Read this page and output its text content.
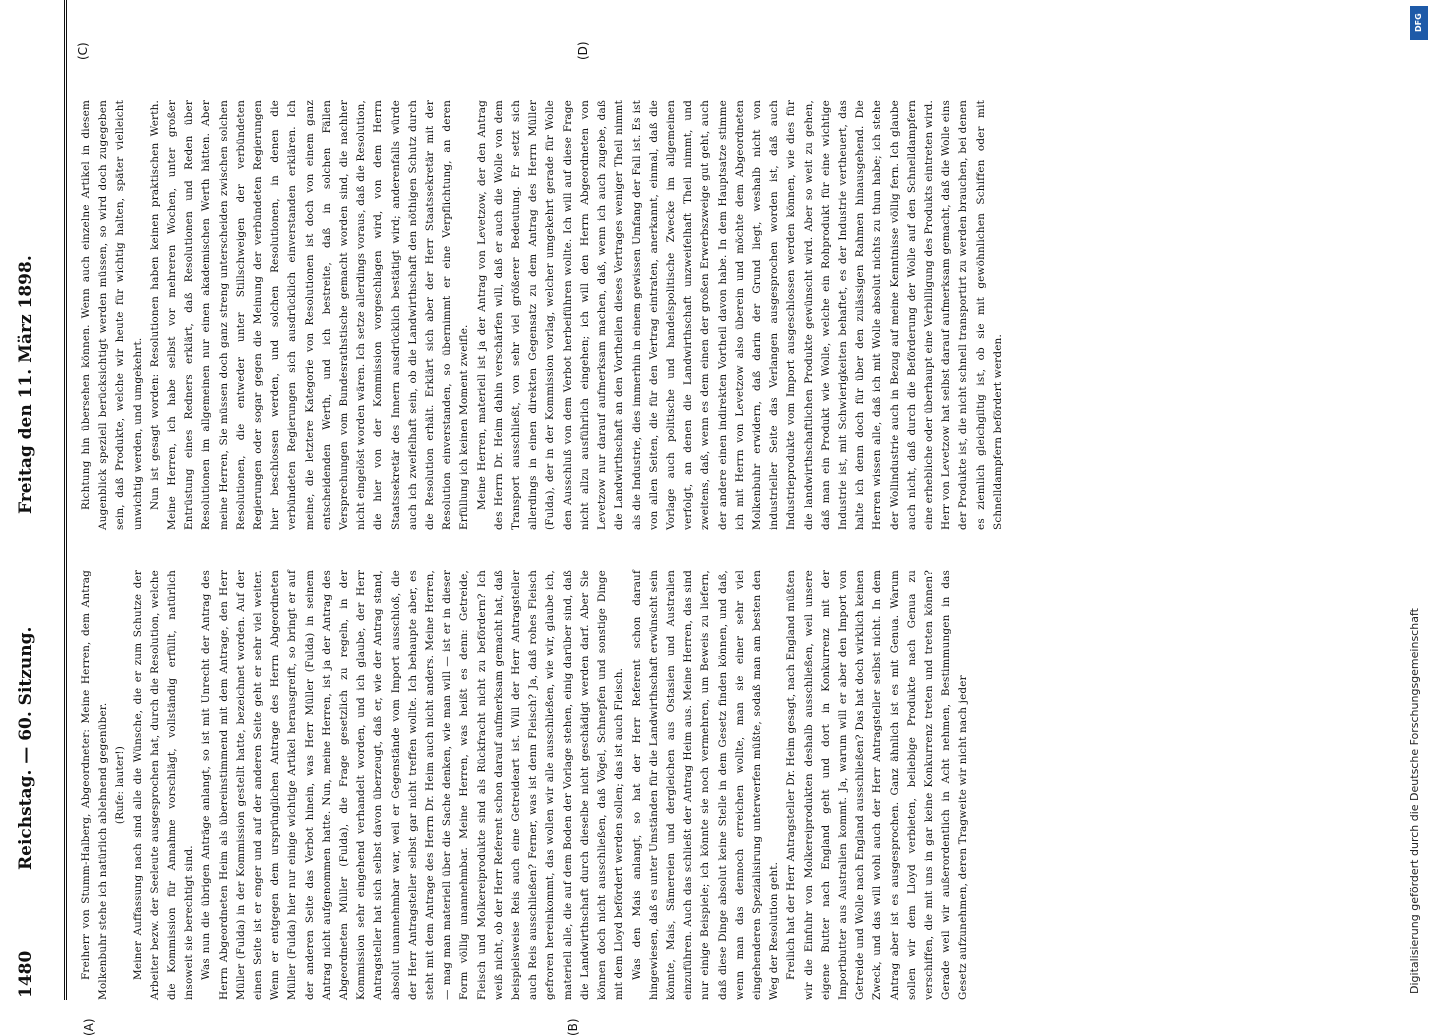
1480
Reichstag. — 60. Sitzung.
Freitag den 11. März 1898.
(A)	(B)
(C)	(D)

Freiherr von Stumm-Halberg, Abgeordneter: Meine Herren, dem Antrag Molkenbuhr stehe ich natürlich ablehnend gegenüber. (Rufe: lauter!) Meiner Auffassung nach sind alle die Wünsche, die er zum Schutze der Arbeiter bezw. der Seeleute ausgesprochen hat, durch die Resolution, welche die Kommission für Annahme vorschlägt, vollständig erfüllt, natürlich insoweit sie berechtigt sind. Was nun die übrigen Anträge anlangt, so ist mit Unrecht der Antrag des Herrn Abgeordneten Heim als übereinstimmend mit dem Antrage, den Herr Müller (Fulda) in der Kommission gestellt hatte, bezeichnet worden. Auf der einen Seite ist er enger und auf der anderen Seite geht er sehr viel weiter. Wenn er entgegen dem ursprünglichen Antrage des Herrn Abgeordneten Müller (Fulda) hier nur einige wichtige Artikel herausgreift, so bringt er auf der anderen Seite das Verbot hinein, was Herr Müller (Fulda) in seinem Antrag nicht aufgenommen hatte. Nun, meine Herren, ist ja der Antrag des Abgeordneten Müller (Fulda), die Frage gesetzlich zu regeln, in der Kommission sehr eingehend verhandelt worden, und ich glaube, der Herr Antragsteller hat sich selbst davon überzeugt, daß er, wie der Antrag stand, absolut unannehmbar war, weil er Gegenstände vom Import ausschloß, die der Herr Antragsteller selbst gar nicht treffen wollte. Ich behaupte aber, es steht mit dem Antrage des Herrn Dr. Heim auch nicht anders. Meine Herren, — mag man materiell über die Sache denken, wie man will — ist er in dieser Form völlig unannehmbar. Meine Herren, was heißt es denn: Getreide, Fleisch und Molkereiprodukte sind als Rückfracht nicht zu befördern? Ich weiß nicht, ob der Herr Referent schon darauf aufmerksam gemacht hat, daß beispielsweise Reis auch eine Getreideart ist. Will der Herr Antragsteller auch Reis ausschließen? Ferner, was ist denn Fleisch? Ja, daß rohes Fleisch gefroren hereinkommt, das wollen wir alle ausschließen, wie wir, glaube ich, materiell alle, die auf dem Boden der Vorlage stehen, einig darüber sind, daß die Landwirthschaft durch dieselbe nicht geschädigt werden darf. Aber Sie können doch nicht ausschließen, daß Vögel, Schnepfen und sonstige Dinge mit dem Lloyd befördert werden sollen; das ist auch Fleisch. Was den Mais anlangt, so hat der Herr Referent schon darauf hingewiesen, daß es unter Umständen für die Landwirthschaft erwünscht sein könnte, Mais, Sämereien und dergleichen aus Ostasien und Australien einzuführen. Auch das schließt der Antrag Heim aus. Meine Herren, das sind nur einige Beispiele; ich könnte sie noch vermehren, um Beweis zu liefern, daß diese Dinge absolut keine Stelle in dem Gesetz finden können, und daß, wenn man das dennoch erreichen wollte, man sie einer sehr viel eingehenderen Spezialisirung unterwerfen müßte, sodaß man am besten den Weg der Resolution geht. Freilich hat der Herr Antragsteller Dr. Heim gesagt, nach England müßten wir die Einfuhr von Molkereiprodukten deshalb ausschließen, weil unsere eigene Butter nach England geht und dort in Konkurrenz mit der Importbutter aus Australien kommt. Ja, warum will er aber den Import von Getreide und Wolle nach England ausschließen? Das hat doch wirklich keinen Zweck, und das will wohl auch der Herr Antragsteller selbst nicht. In dem Antrag aber ist es ausgesprochen. Ganz ähnlich ist es mit Genua. Warum sollen wir dem Lloyd verbieten, beliebige Produkte nach Genua zu verschiffen, die mit uns in gar keine Konkurrenz treten und treten können? Gerade weil wir außerordentlich in Acht nehmen, Bestimmungen in das Gesetz aufzunehmen, deren Tragweite wir nicht nach jeder

Richtung hin übersehen können. Wenn auch einzelne Artikel in diesem Augenblick speziell berücksichtigt werden müssen, so wird doch zugegeben sein, daß Produkte, welche wir heute für wichtig halten, später vielleicht unwichtig werden, und umgekehrt. Nun ist gesagt worden: Resolutionen haben keinen praktischen Werth. Meine Herren, ich habe selbst vor mehreren Wochen, unter großer Entrüstung eines Redners erklärt, daß Resolutionen und Reden über Resolutionen im allgemeinen nur einen akademischen Werth hätten. Aber meine Herren, Sie müssen doch ganz streng unterscheiden zwischen solchen Resolutionen, die entweder unter Stillschweigen der verbündeten Regierungen oder sogar gegen die Meinung der verbündeten Regierungen hier beschlossen werden, und solchen Resolutionen, in denen die verbündeten Regierungen sich ausdrücklich einverstanden erklären. Ich meine, die letztere Kategorie von Resolutionen ist doch von einem ganz entscheidenden Werth, und ich bestreite, daß in solchen Fällen Versprechungen vom Bundesrathstische gemacht worden sind, die nachher nicht eingelöst worden wären. Ich setze allerdings voraus, daß die Resolution, die hier von der Kommission vorgeschlagen wird, von dem Herrn Staatssekretär des Innern ausdrücklich bestätigt wird; anderenfalls würde auch ich zweifelhaft sein, ob die Landwirthschaft den nöthigen Schutz durch die Resolution erhält. Erklärt sich aber der Herr Staatssekretär mit der Resolution einverstanden, so übernimmt er eine Verpflichtung, an deren Erfüllung ich keinen Moment zweifle. Meine Herren, materiell ist ja der Antrag von Levetzow, der den Antrag des Herrn Dr. Heim dahin verschärfen will, daß er auch die Wolle von dem Transport ausschließt, von sehr viel größerer Bedeutung. Er setzt sich allerdings in einen direkten Gegensatz zu dem Antrag des Herrn Müller (Fulda), der in der Kommission vorlag, welcher umgekehrt gerade für Wolle den Ausschluß von dem Verbot herbeiführen wollte. Ich will auf diese Frage nicht allzu ausführlich eingehen; ich will den Herrn Abgeordneten von Levetzow nur darauf aufmerksam machen, daß, wenn ich auch zugebe, daß die Landwirthschaft an den Vortheilen dieses Vertrages weniger Theil nimmt als die Industrie, dies immerhin in einem gewissen Umfang der Fall ist. Es ist von allen Seiten, die für den Vertrag eintraten, anerkannt, einmal, daß die Vorlage auch politische und handelspolitische Zwecke im allgemeinen verfolgt, an denen die Landwirthschaft unzweifelhaft Theil nimmt, und zweitens, daß, wenn es dem einen der großen Erwerbszweige gut geht, auch der andere einen indirekten Vortheil davon habe. In dem Hauptsatze stimme ich mit Herrn von Levetzow also überein und möchte dem Abgeordneten Molkenbuhr erwidern, daß darin der Grund liegt, weshalb nicht von industrieller Seite das Verlangen ausgesprochen worden ist, daß auch Industrieprodukte vom Import ausgeschlossen werden können, wie dies für die landwirthschaftlichen Produkte gewünscht wird. Aber so weit zu gehen, daß man ein Produkt wie Wolle, welche ein Rohprodukt für eine wichtige Industrie ist, mit Schwierigkeiten behaftet, es der Industrie vertheuert, das halte ich denn doch für über den zulässigen Rahmen hinausgehend. Die Herren wissen alle, daß ich mit Wolle absolut nichts zu thun habe; ich stehe der Wollindustrie auch in Bezug auf meine Kenntnisse völlig fern. Ich glaube auch nicht, daß durch die Beförderung der Wolle auf den Schnelldampfern eine erhebliche oder überhaupt eine Verbilligung des Produkts eintreten wird. Herr von Levetzow hat selbst darauf aufmerksam gemacht, daß die Wolle eins der Produkte ist, die nicht schnell transportirt zu werden brauchen, bei denen es ziemlich gleichgiltig ist, ob sie mit gewöhnlichen Schiffen oder mit Schnelldampfern befördert werden.

DFG
Digitalisierung gefördert durch die Deutsche Forschungsgemeinschaft
